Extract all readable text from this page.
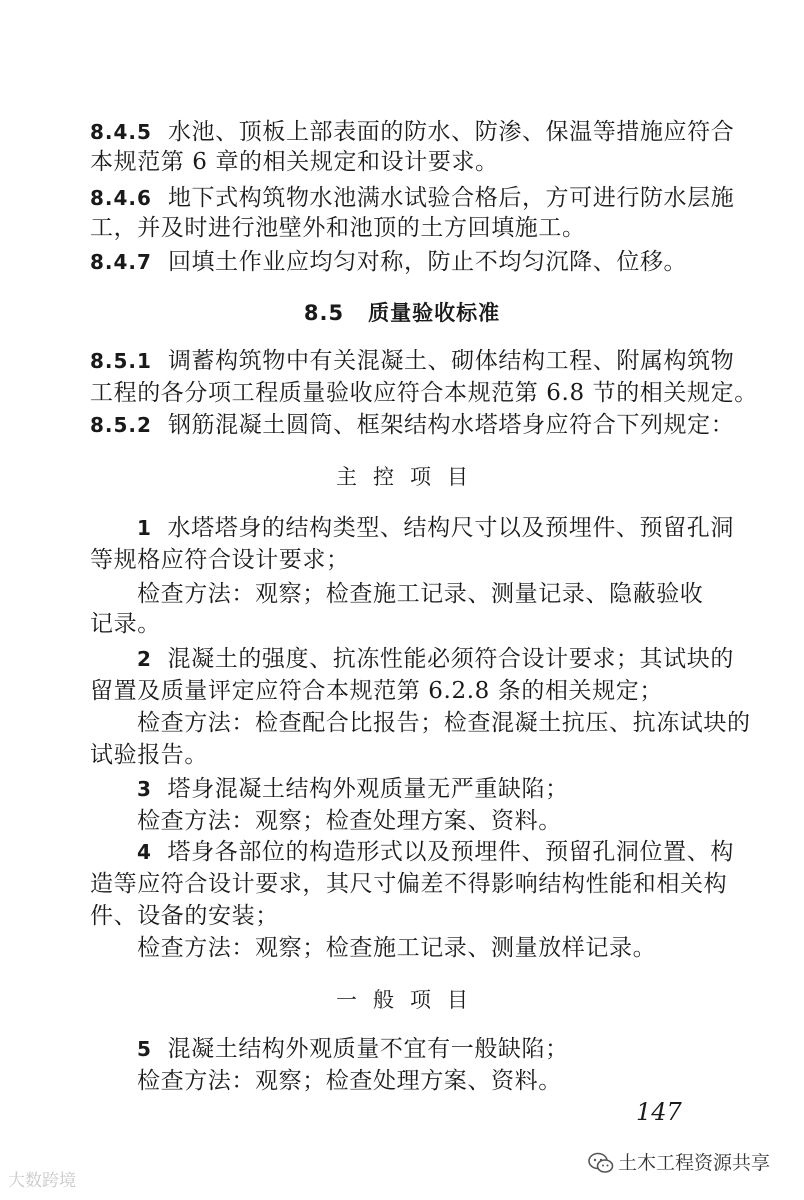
8.4.5 水池、顶板上部表面的防水、防渗、保温等措施应符合
本规范第 6 章的相关规定和设计要求。
8.4.6 地下式构筑物水池满水试验合格后，方可进行防水层施
工，并及时进行池壁外和池顶的土方回填施工。
8.4.7 回填土作业应均匀对称，防止不均匀沉降、位移。
8.5 质量验收标准
8.5.1 调蓄构筑物中有关混凝土、砌体结构工程、附属构筑物
工程的各分项工程质量验收应符合本规范第 6.8 节的相关规定。
8.5.2 钢筋混凝土圆筒、框架结构水塔塔身应符合下列规定：
主控项目
1 水塔塔身的结构类型、结构尺寸以及预埋件、预留孔洞
等规格应符合设计要求；
检查方法：观察；检查施工记录、测量记录、隐蔽验收
记录。
2 混凝土的强度、抗冻性能必须符合设计要求；其试块的
留置及质量评定应符合本规范第 6.2.8 条的相关规定；
检查方法：检查配合比报告；检查混凝土抗压、抗冻试块的
试验报告。
3 塔身混凝土结构外观质量无严重缺陷；
检查方法：观察；检查处理方案、资料。
4 塔身各部位的构造形式以及预埋件、预留孔洞位置、构
造等应符合设计要求，其尺寸偏差不得影响结构性能和相关构
件、设备的安装；
检查方法：观察；检查施工记录、测量放样记录。
一般项目
5 混凝土结构外观质量不宜有一般缺陷；
检查方法：观察；检查处理方案、资料。
147
大数跨境
土木工程资源共享
